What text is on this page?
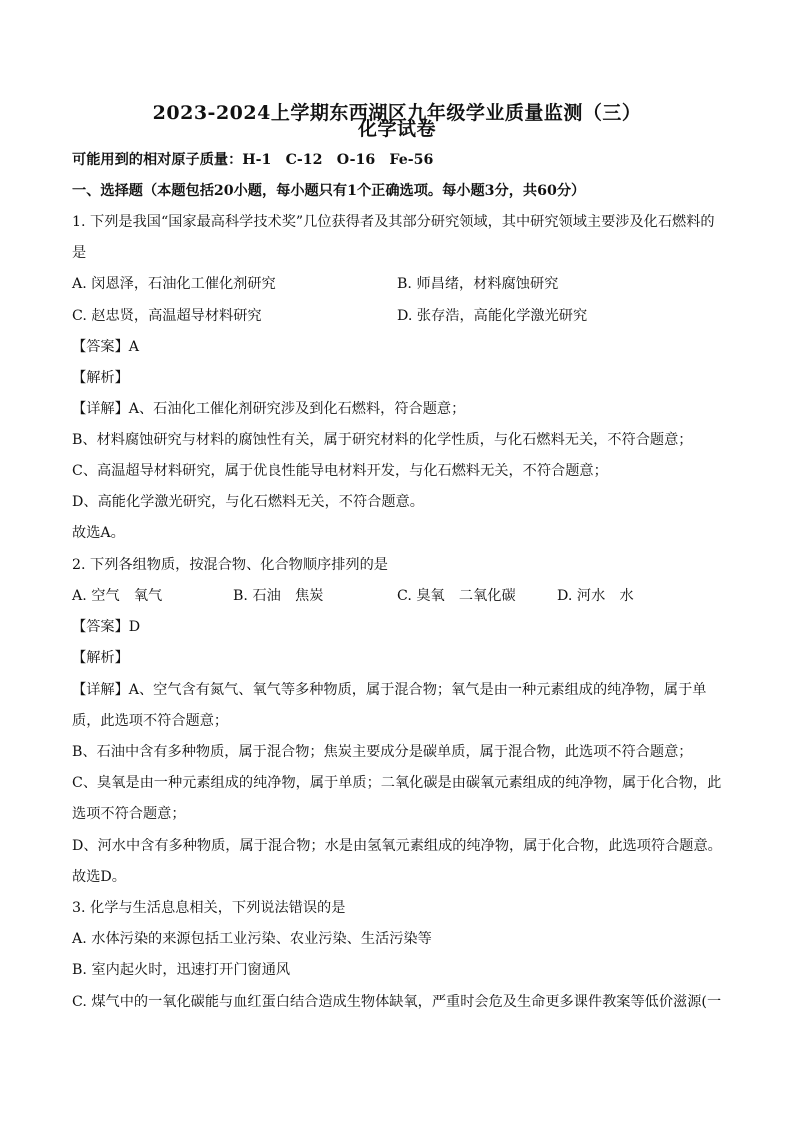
2023-2024上学期东西湖区九年级学业质量监测（三）
化学试卷
可能用到的相对原子质量：H-1　C-12　O-16　Fe-56
一、选择题（本题包括20小题，每小题只有1个正确选项。每小题3分，共60分）
1. 下列是我国“国家最高科学技术奖”几位获得者及其部分研究领域，其中研究领域主要涉及化石燃料的
是
A. 闵恩泽，石油化工催化剂研究	B. 师昌绪，材料腐蚀研究
C. 赵忠贤，高温超导材料研究	D. 张存浩，高能化学激光研究
【答案】A
【解析】
【详解】A、石油化工催化剂研究涉及到化石燃料，符合题意；
B、材料腐蚀研究与材料的腐蚀性有关，属于研究材料的化学性质，与化石燃料无关，不符合题意；
C、高温超导材料研究，属于优良性能导电材料开发，与化石燃料无关，不符合题意；
D、高能化学激光研究，与化石燃料无关，不符合题意。
故选A。
2. 下列各组物质，按混合物、化合物顺序排列的是
A. 空气　氧气	B. 石油　焦炭	C. 臭氧　二氧化碳	D. 河水　水
【答案】D
【解析】
【详解】A、空气含有氮气、氧气等多种物质，属于混合物；氧气是由一种元素组成的纯净物，属于单
质，此选项不符合题意；
B、石油中含有多种物质，属于混合物；焦炭主要成分是碳单质，属于混合物，此选项不符合题意；
C、臭氧是由一种元素组成的纯净物，属于单质；二氧化碳是由碳氧元素组成的纯净物，属于化合物，此
选项不符合题意；
D、河水中含有多种物质，属于混合物；水是由氢氧元素组成的纯净物，属于化合物，此选项符合题意。
故选D。
3. 化学与生活息息相关，下列说法错误的是
A. 水体污染的来源包括工业污染、农业污染、生活污染等
B. 室内起火时，迅速打开门窗通风
C. 煤气中的一氧化碳能与血红蛋白结合造成生物体缺氧，严重时会危及生命更多课件教案等低价滋源(一
